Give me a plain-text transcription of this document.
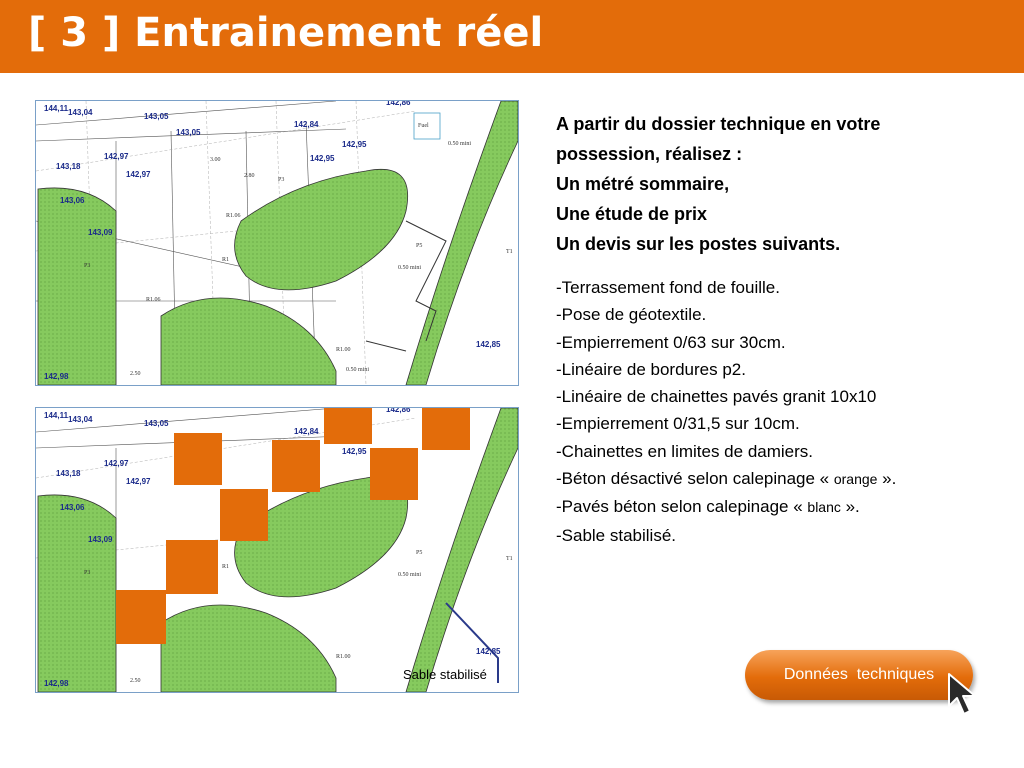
[ 3 ] Entrainement réel
144,11 143,04	143,05
143,05
142,84
142,95
142,95
142,97
142,97
143,18
143,06
143,09
142,98
142,85
142,86
2.80
3.00
2.50
R1.06
R1
R1.06
R1.00
0.50 mini
0.50 mini
0.50 mini
P3
P3
P5
T1
Fuel
144,11 143,04	143,05
142,84
142,95
142,97
142,97
143,18
143,06
143,09
142,98
142,85
142,86
2.50
R1
R1.00
0.50 mini
P3
P5
T1
Sable stabilisé
A partir du dossier technique en votre
possession, réalisez :
Un métré sommaire,
Une étude de prix
Un devis sur les postes suivants.
-Terrassement fond de fouille.
-Pose de géotextile.
-Empierrement 0/63 sur 30cm.
-Linéaire de bordures p2.
-Linéaire de chainettes pavés granit 10x10
-Empierrement 0/31,5 sur 10cm.
-Chainettes en limites de damiers.
-Béton désactivé selon calepinage « orange ».
-Pavés béton selon calepinage « blanc ».
-Sable stabilisé.
Données  techniques
